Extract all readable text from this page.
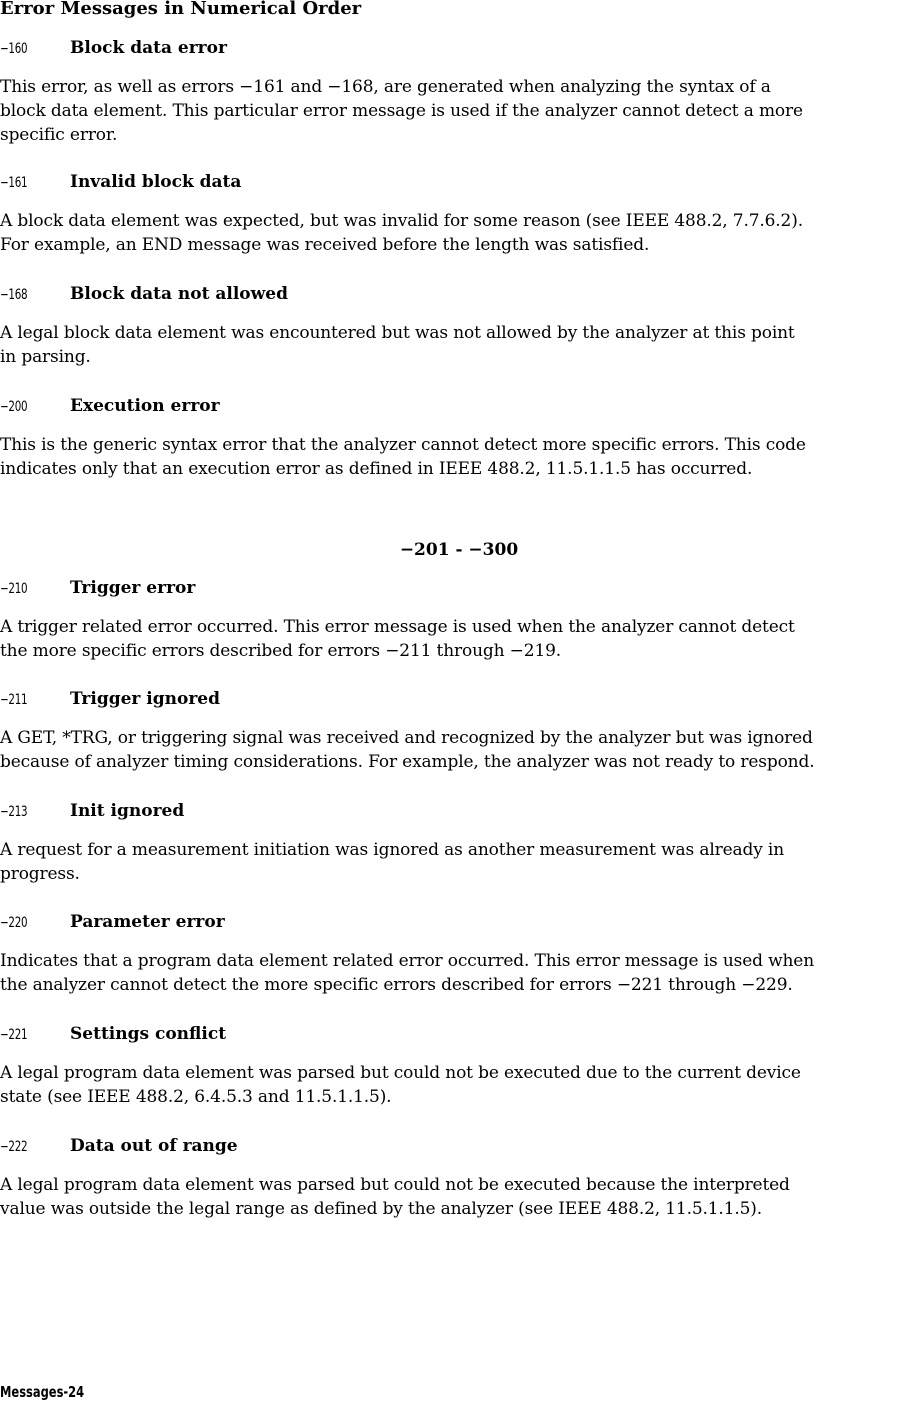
Error Messages in Numerical Order
−160	Block data error
This error, as well as errors −161 and −168, are generated when analyzing the syntax of a
block data element. This particular error message is used if the analyzer cannot detect a more
specific error.
−161	Invalid block data
A block data element was expected, but was invalid for some reason (see IEEE 488.2, 7.7.6.2).
For example, an END message was received before the length was satisfied.
−168	Block data not allowed
A legal block data element was encountered but was not allowed by the analyzer at this point
in parsing.
−200	Execution error
This is the generic syntax error that the analyzer cannot detect more specific errors. This code
indicates only that an execution error as defined in IEEE 488.2, 11.5.1.1.5 has occurred.
−201 - −300
−210	Trigger error
A trigger related error occurred. This error message is used when the analyzer cannot detect
the more specific errors described for errors −211 through −219.
−211	Trigger ignored
A GET, *TRG, or triggering signal was received and recognized by the analyzer but was ignored
because of analyzer timing considerations. For example, the analyzer was not ready to respond.
−213	Init ignored
A request for a measurement initiation was ignored as another measurement was already in
progress.
−220	Parameter error
Indicates that a program data element related error occurred. This error message is used when
the analyzer cannot detect the more specific errors described for errors −221 through −229.
−221	Settings conflict
A legal program data element was parsed but could not be executed due to the current device
state (see IEEE 488.2, 6.4.5.3 and 11.5.1.1.5).
−222	Data out of range
A legal program data element was parsed but could not be executed because the interpreted
value was outside the legal range as defined by the analyzer (see IEEE 488.2, 11.5.1.1.5).
Messages-24
